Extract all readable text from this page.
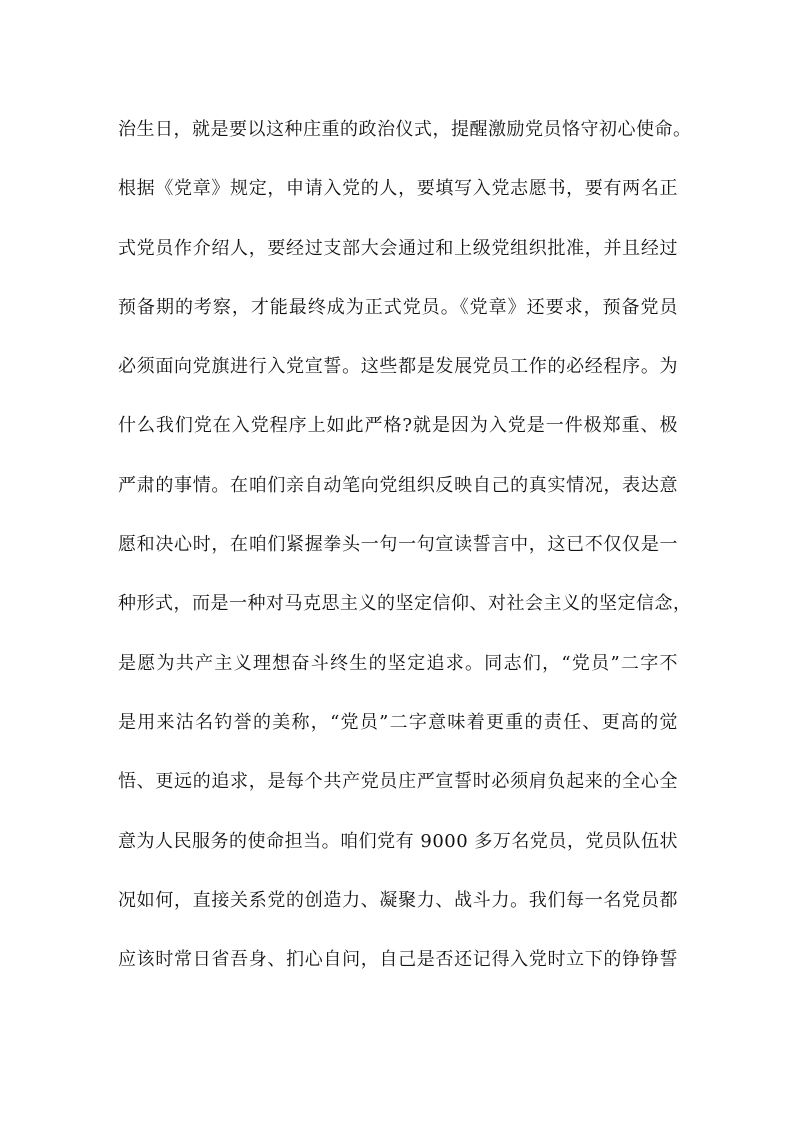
治生日，就是要以这种庄重的政治仪式，提醒激励党员恪守初心使命。
根据《党章》规定，申请入党的人，要填写入党志愿书，要有两名正
式党员作介绍人，要经过支部大会通过和上级党组织批准，并且经过
预备期的考察，才能最终成为正式党员。《党章》还要求，预备党员
必须面向党旗进行入党宣誓。这些都是发展党员工作的必经程序。为
什么我们党在入党程序上如此严格?就是因为入党是一件极郑重、极
严肃的事情。在咱们亲自动笔向党组织反映自己的真实情况，表达意
愿和决心时，在咱们紧握拳头一句一句宣读誓言中，这已不仅仅是一
种形式，而是一种对马克思主义的坚定信仰、对社会主义的坚定信念，
是愿为共产主义理想奋斗终生的坚定追求。同志们，“党员”二字不
是用来沽名钓誉的美称，“党员”二字意味着更重的责任、更高的觉
悟、更远的追求，是每个共产党员庄严宣誓时必须肩负起来的全心全
意为人民服务的使命担当。咱们党有 9000 多万名党员，党员队伍状
况如何，直接关系党的创造力、凝聚力、战斗力。我们每一名党员都
应该时常日省吾身、扪心自问，自己是否还记得入党时立下的铮铮誓
